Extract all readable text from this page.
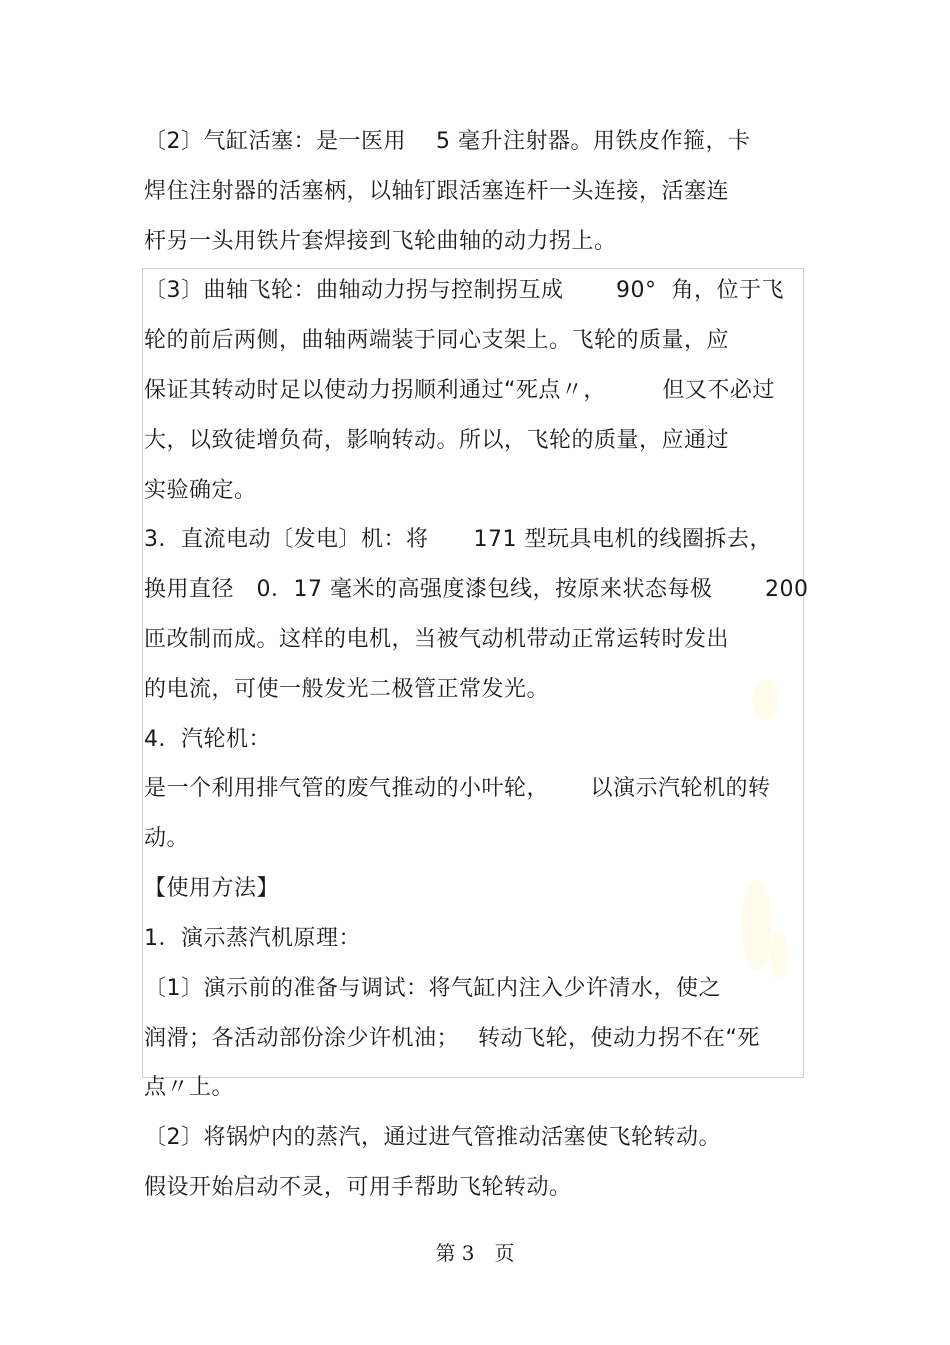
〔2〕气缸活塞：是一医用　 5 毫升注射器。用铁皮作箍，卡
焊住注射器的活塞柄，以轴钉跟活塞连杆一头连接，活塞连
杆另一头用铁片套焊接到飞轮曲轴的动力拐上。
〔3〕曲轴飞轮：曲轴动力拐与控制拐互成　　 90°  角，位于飞
轮的前后两侧，曲轴两端装于同心支架上。飞轮的质量，应
保证其转动时足以使动力拐顺利通过“死点〃，　　　但又不必过
大，以致徒增负荷，影响转动。所以，飞轮的质量，应通过
实验确定。
3．直流电动〔发电〕机：将　　171 型玩具电机的线圈拆去，
换用直径　0．17 毫米的高强度漆包线，按原来状态每极　　 200
匝改制而成。这样的电机，当被气动机带动正常运转时发出
的电流，可使一般发光二极管正常发光。
4．汽轮机：
是一个利用排气管的废气推动的小叶轮，　　 以演示汽轮机的转
动。
【使用方法】
1．演示蒸汽机原理：
〔1〕演示前的准备与调试：将气缸内注入少许清水，使之
润滑；各活动部份涂少许机油；　 转动飞轮，使动力拐不在“死
点〃上。
〔2〕将锅炉内的蒸汽，通过进气管推动活塞使飞轮转动。
假设开始启动不灵，可用手帮助飞轮转动。
第 3　页
